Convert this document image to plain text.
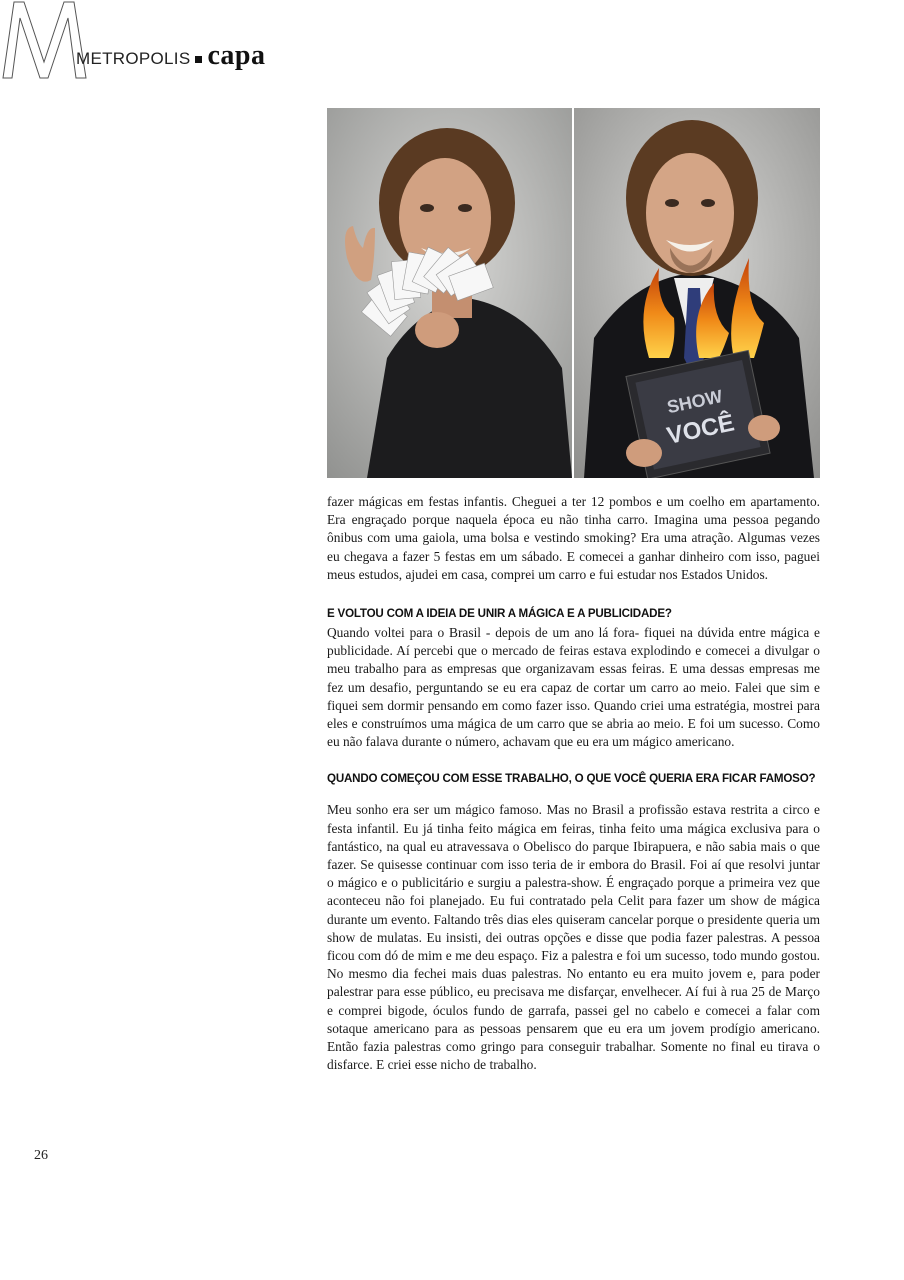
METROPOLIS capa
SHOW
VOCÊ

fazer mágicas em festas infantis. Cheguei a ter 12 pombos e um coelho em apartamento. Era engraçado porque naquela época eu não tinha carro. Imagina uma pessoa pegando ônibus com uma gaiola, uma bolsa e vestindo smoking? Era uma atração. Algumas vezes eu chegava a fazer 5 festas em um sábado. E comecei a ganhar dinheiro com isso, paguei meus estudos, ajudei em casa, comprei um carro e fui estudar nos Estados Unidos.

E VOLTOU COM A IDEIA DE UNIR A MÁGICA E A PUBLICIDADE?

Quando voltei para o Brasil - depois de um ano lá fora- fiquei na dúvida entre mágica e publicidade. Aí percebi que o mercado de feiras estava explodindo e comecei a divulgar o meu trabalho para as empresas que organizavam essas feiras. E uma dessas empresas me fez um desafio, perguntando se eu era capaz de cortar um carro ao meio. Falei que sim e fiquei sem dormir pensando em como fazer isso. Quando criei uma estratégia, mostrei para eles e construímos uma mágica de um carro que se abria ao meio. E foi um sucesso. Como eu não falava durante o número, achavam que eu era um mágico americano.

QUANDO COMEÇOU COM ESSE TRABALHO, O QUE VOCÊ QUERIA ERA FICAR FAMOSO?

Meu sonho era ser um mágico famoso. Mas no Brasil a profissão estava restrita a circo e festa infantil. Eu já tinha feito mágica em feiras, tinha feito uma mágica exclusiva para o fantástico, na qual eu atravessava o Obelisco do parque Ibirapuera, e não sabia mais o que fazer. Se quisesse continuar com isso teria de ir embora do Brasil. Foi aí que resolvi juntar o mágico e o publicitário e surgiu a palestra-show. É engraçado porque a primeira vez que aconteceu não foi planejado. Eu fui contratado pela Celit para fazer um show de mágica durante um evento. Faltando três dias eles quiseram cancelar porque o presidente queria um show de mulatas. Eu insisti, dei outras opções e disse que podia fazer palestras. A pessoa ficou com dó de mim e me deu espaço. Fiz a palestra e foi um sucesso, todo mundo gostou. No mesmo dia fechei mais duas palestras. No entanto eu era muito jovem e, para poder palestrar para esse público, eu precisava me disfarçar, envelhecer. Aí fui à rua 25 de Março e comprei bigode, óculos fundo de garrafa, passei gel no cabelo e comecei a falar com sotaque americano para as pessoas pensarem que eu era um jovem prodígio americano. Então fazia palestras como gringo para conseguir trabalhar. Somente no final eu tirava o disfarce. E criei esse nicho de trabalho.

26
